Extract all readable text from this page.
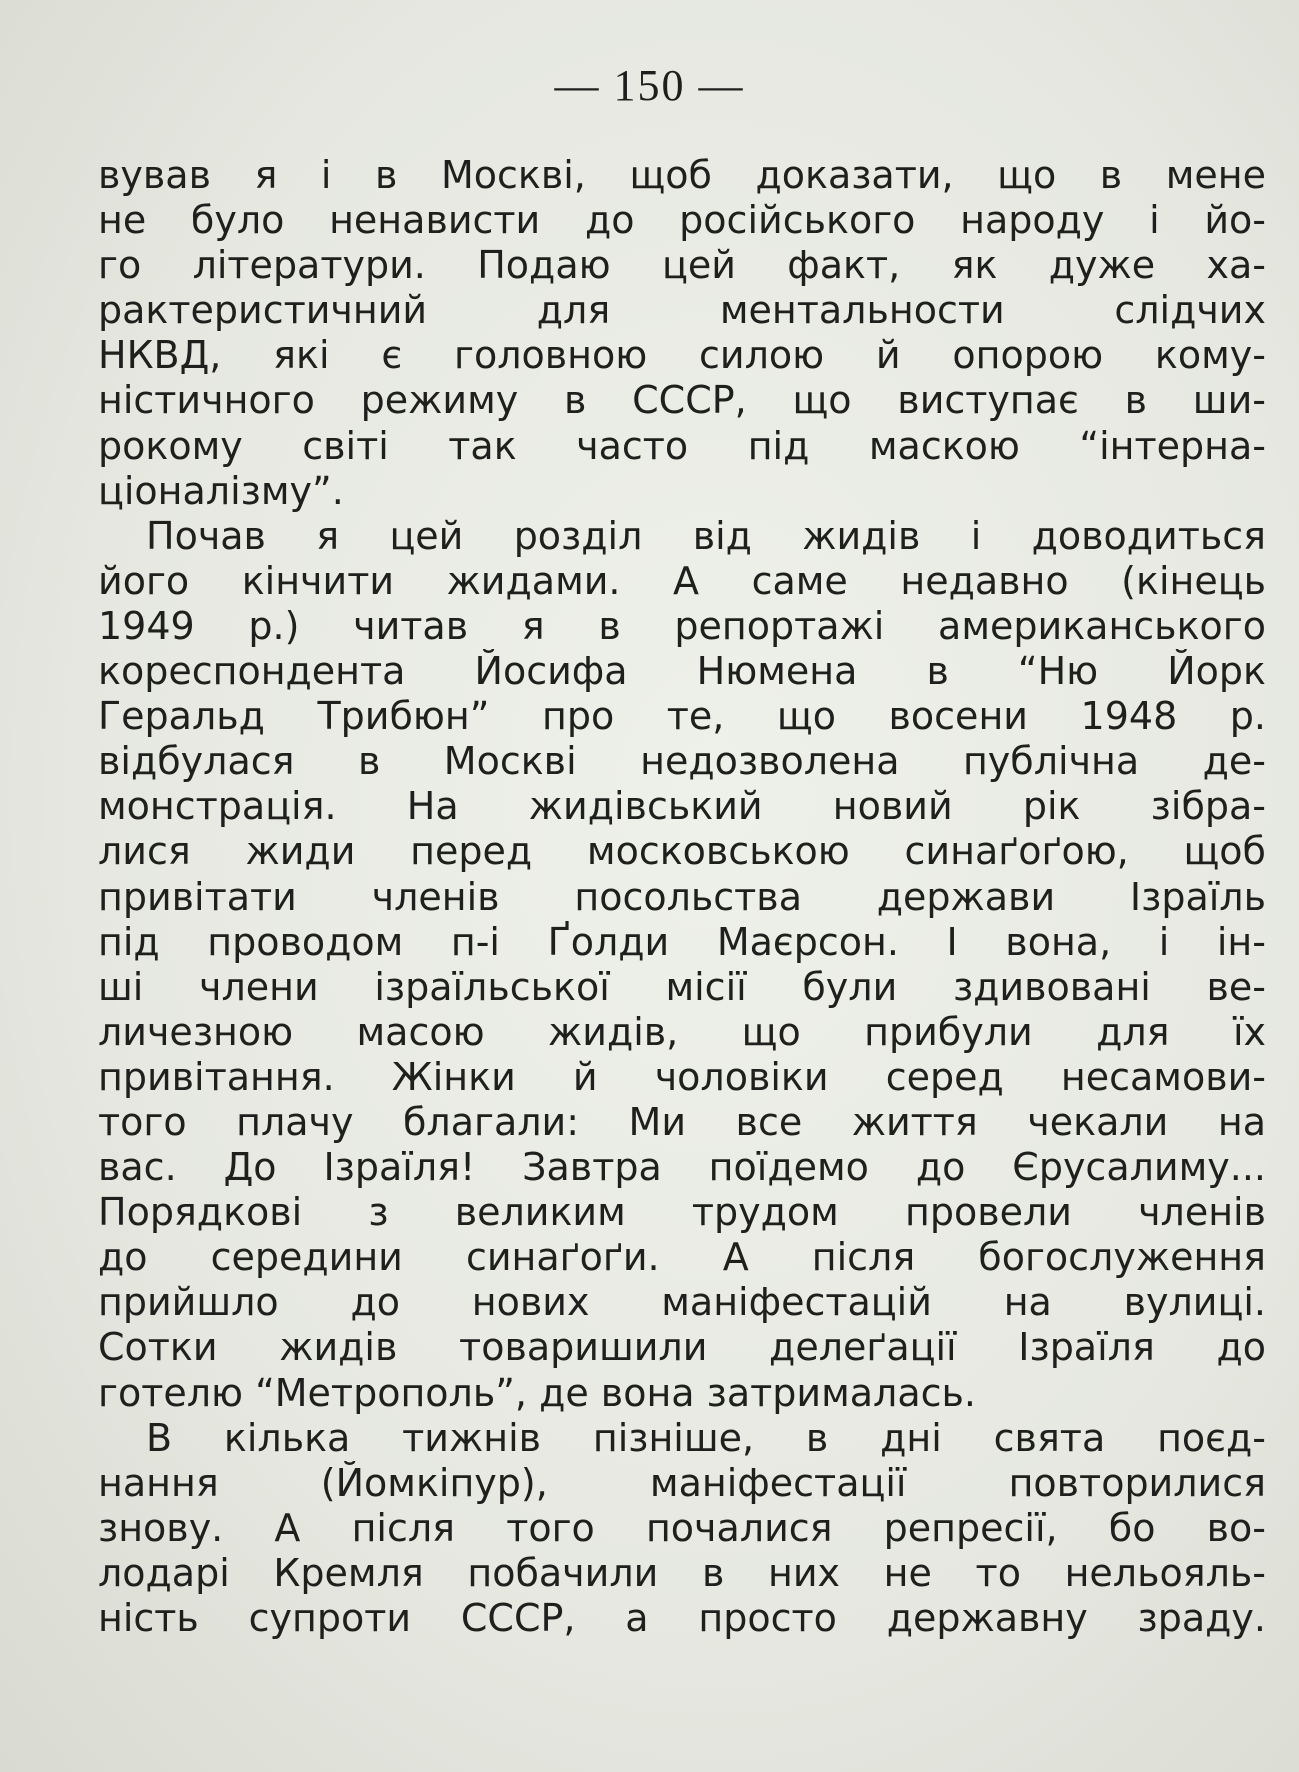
— 150 —
вував я і в Москві, щоб доказати, що в мене
не було ненависти до російського народу і йо-
го літератури. Подаю цей факт, як дуже ха-
рактеристичний для ментальности слідчих
НКВД, які є головною силою й опорою кому-
ністичного режиму в СССР, що виступає в ши-
рокому світі так часто під маскою “інтерна-
ціоналізму”.
Почав я цей розділ від жидів і доводиться
його кінчити жидами. А саме недавно (кінець
1949 р.) читав я в репортажі американського
кореспондента Йосифа Нюмена в “Ню Йорк
Геральд Трибюн” про те, що восени 1948 р.
відбулася в Москві недозволена публічна де-
монстрація. На жидівський новий рік зібра-
лися жиди перед московською синаґоґою, щоб
привітати членів посольства держави Ізраїль
під проводом п-і Ґолди Маєрсон. І вона, і ін-
ші члени ізраїльської місії були здивовані ве-
личезною масою жидів, що прибули для їх
привітання. Жінки й чоловіки серед несамови-
того плачу благали: Ми все життя чекали на
вас. До Ізраїля! Завтра поїдемо до Єрусалиму...
Порядкові з великим трудом провели членів
до середини синаґоґи. А після богослуження
прийшло до нових маніфестацій на вулиці.
Сотки жидів товаришили делеґації Ізраїля до
готелю “Метрополь”, де вона затрималась.
В кілька тижнів пізніше, в дні свята поєд-
нання (Йомкіпур), маніфестації повторилися
знову. А після того почалися репресії, бо во-
лодарі Кремля побачили в них не то нельояль-
ність супроти СССР, а просто державну зраду.
